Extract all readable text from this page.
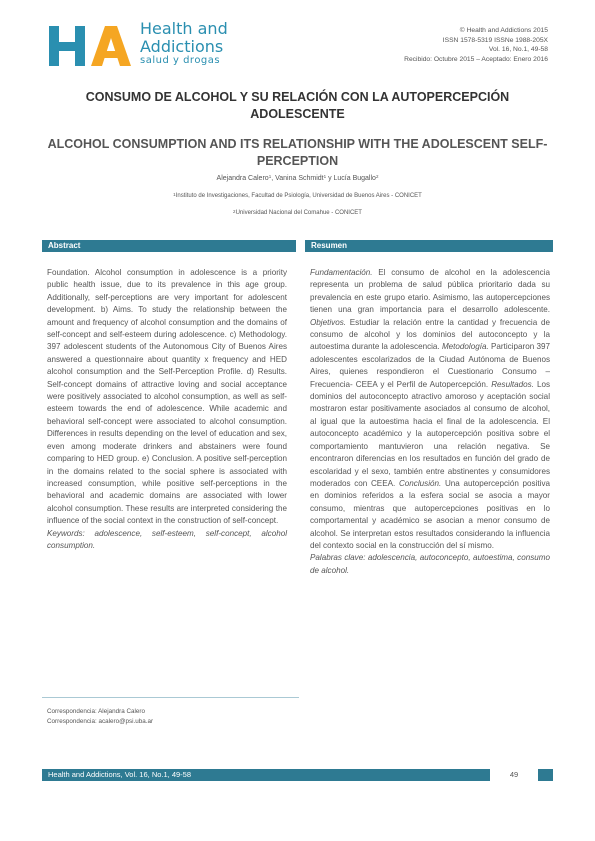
Health and
Addictions
salud y drogas
© Health and Addictions 2015
ISSN 1578-5319 ISSNe 1988-205X
Vol. 16, No.1, 49-58
Recibido: Octubre 2015 – Aceptado: Enero 2016
CONSUMO DE ALCOHOL Y SU RELACIÓN CON LA AUTOPERCEPCIÓN ADOLESCENTE
ALCOHOL CONSUMPTION AND ITS RELATIONSHIP WITH THE ADOLESCENT SELF-PERCEPTION
Alejandra Calero$^1$, Vanina Schmidt$^1$ y Lucía Bugallo$^2$
$^1$Instituto de Investigaciones, Facultad de Psiología, Universidad de Buenos Aires - CONICET
$^2$Universidad Nacional del Comahue - CONICET
Abstract	Resumen

Foundation. Alcohol consumption in adolescence is a priority public health issue, due to its prevalence in this age group. Additionally, self-perceptions are very important for adolescent development. b) Aims. To study the relationship between the amount and frequency of alcohol consumption and the domains of self-concept and self-esteem during adolescence. c) Methodology. 397 adolescent students of the Autonomous City of Buenos Aires answered a questionnaire about quantity x frequency and HED alcohol consumption and the Self-Perception Profile. d) Results. Self-concept domains of attractive loving and social acceptance were positively associated to alcohol consumption, as well as self-esteem towards the end of adolescence. While academic and behavioral self-concept were associated to alcohol consumption. Differences in results depending on the level of education and sex, even among moderate drinkers and abstainers were found comparing to HED group. e) Conclusion. A positive self-perception in the domains related to the social sphere is associated with increased consumption, while positive self-perceptions in the behavioral and academic domains are associated with lower alcohol consumption. These results are interpreted considering the influence of the social context in the construction of self-concept.

Keywords: adolescence, self-esteem, self-concept, alcohol consumption.

Fundamentación. El consumo de alcohol en la adolescencia representa un problema de salud pública prioritario dada su prevalencia en este grupo etario. Asimismo, las autopercepciones tienen una gran importancia para el desarrollo adolescente. Objetivos. Estudiar la relación entre la cantidad y frecuencia de consumo de alcohol y los dominios del autoconcepto y la autoestima durante la adolescencia. Metodología. Participaron 397 adolescentes escolarizados de la Ciudad Autónoma de Buenos Aires, quienes respondieron el Cuestionario Consumo –Frecuencia- CEEA y el Perfil de Autopercepción. Resultados. Los dominios del autoconcepto atractivo amoroso y aceptación social mostraron estar positivamente asociados al consumo de alcohol, al igual que la autoestima hacia el final de la adolescencia. El autoconcepto académico y la autopercepción positiva sobre el comportamiento mantuvieron una relación negativa. Se encontraron diferencias en los resultados en función del grado de escolaridad y el sexo, también entre abstinentes y consumidores moderados con CEEA. Conclusión. Una autopercepción positiva en dominios referidos a la esfera social se asocia a mayor consumo, mientras que autopercepciones positivas en lo comportamental y académico se asocian a menor consumo de alcohol. Se interpretan estos resultados considerando la influencia del contexto social en la construcción del sí mismo.

Palabras clave: adolescencia, autoconcepto, autoestima, consumo de alcohol.

Correspondencia: Alejandra Calero
Correspondencia: acalero@psi.uba.ar
Health and Addictions, Vol. 16, No.1, 49-58	49
